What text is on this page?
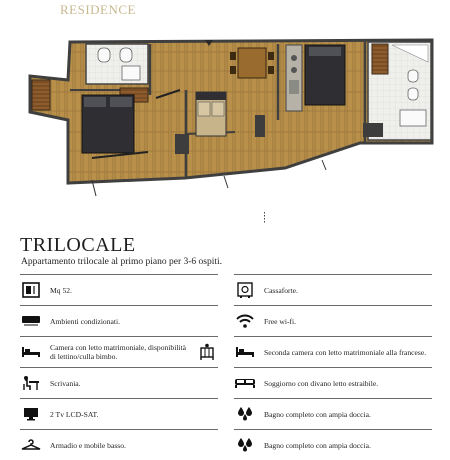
RESIDENCE
TRILOCALE
Appartamento trilocale al primo piano per 3-6 ospiti.
Mq 52.	Cassaforte.
Ambienti condizionati.	Free wi-fi.
Camera con letto matrimoniale, disponibilità di lettino/culla bimbo.	Seconda camera con letto matrimoniale alla francese.
Scrivania.	Soggiorno con divano letto estraibile.
2 Tv LCD-SAT.	Bagno completo con ampia doccia.
Armadio e mobile basso.	Bagno completo con ampia doccia.
